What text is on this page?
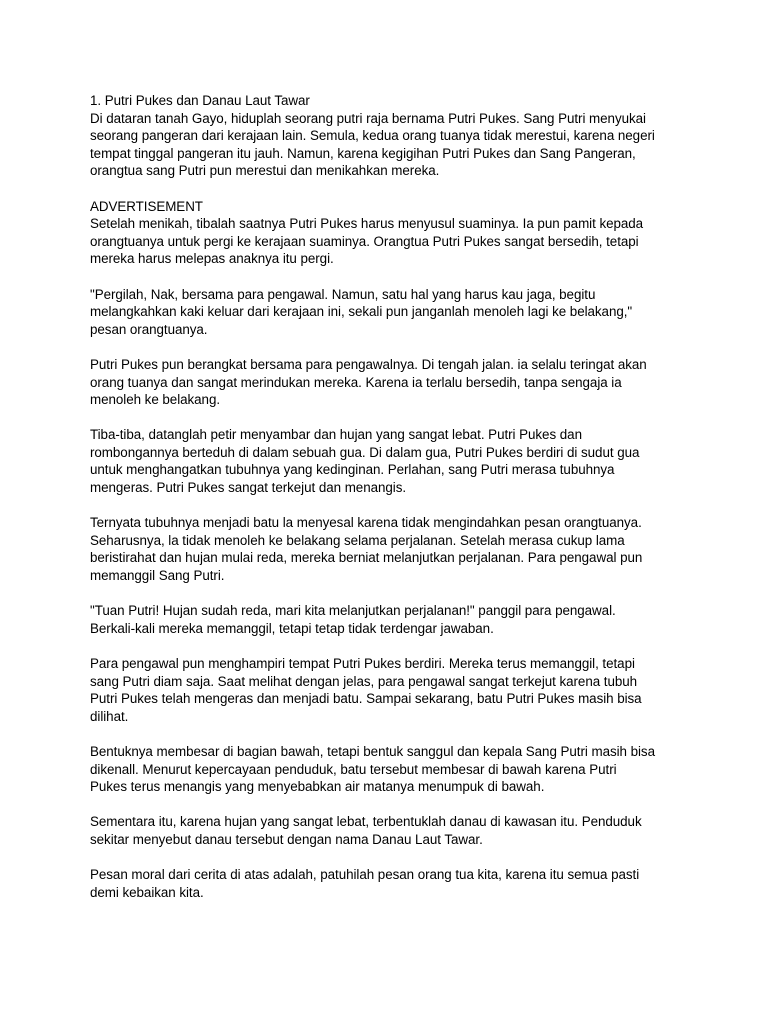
1. Putri Pukes dan Danau Laut Tawar
Di dataran tanah Gayo, hiduplah seorang putri raja bernama Putri Pukes. Sang Putri menyukai
seorang pangeran dari kerajaan lain. Semula, kedua orang tuanya tidak merestui, karena negeri
tempat tinggal pangeran itu jauh. Namun, karena kegigihan Putri Pukes dan Sang Pangeran,
orangtua sang Putri pun merestui dan menikahkan mereka.
ADVERTISEMENT
Setelah menikah, tibalah saatnya Putri Pukes harus menyusul suaminya. Ia pun pamit kepada
orangtuanya untuk pergi ke kerajaan suaminya. Orangtua Putri Pukes sangat bersedih, tetapi
mereka harus melepas anaknya itu pergi.
"Pergilah, Nak, bersama para pengawal. Namun, satu hal yang harus kau jaga, begitu
melangkahkan kaki keluar dari kerajaan ini, sekali pun janganlah menoleh lagi ke belakang,"
pesan orangtuanya.
Putri Pukes pun berangkat bersama para pengawalnya. Di tengah jalan. ia selalu teringat akan
orang tuanya dan sangat merindukan mereka. Karena ia terlalu bersedih, tanpa sengaja ia
menoleh ke belakang.
Tiba-tiba, datanglah petir menyambar dan hujan yang sangat lebat. Putri Pukes dan
rombongannya berteduh di dalam sebuah gua. Di dalam gua, Putri Pukes berdiri di sudut gua
untuk menghangatkan tubuhnya yang kedinginan. Perlahan, sang Putri merasa tubuhnya
mengeras. Putri Pukes sangat terkejut dan menangis.
Ternyata tubuhnya menjadi batu la menyesal karena tidak mengindahkan pesan orangtuanya.
Seharusnya, la tidak menoleh ke belakang selama perjalanan. Setelah merasa cukup lama
beristirahat dan hujan mulai reda, mereka berniat melanjutkan perjalanan. Para pengawal pun
memanggil Sang Putri.
"Tuan Putri! Hujan sudah reda, mari kita melanjutkan perjalanan!" panggil para pengawal.
Berkali-kali mereka memanggil, tetapi tetap tidak terdengar jawaban.
Para pengawal pun menghampiri tempat Putri Pukes berdiri. Mereka terus memanggil, tetapi
sang Putri diam saja. Saat melihat dengan jelas, para pengawal sangat terkejut karena tubuh
Putri Pukes telah mengeras dan menjadi batu. Sampai sekarang, batu Putri Pukes masih bisa
dilihat.
Bentuknya membesar di bagian bawah, tetapi bentuk sanggul dan kepala Sang Putri masih bisa
dikenall. Menurut kepercayaan penduduk, batu tersebut membesar di bawah karena Putri
Pukes terus menangis yang menyebabkan air matanya menumpuk di bawah.
Sementara itu, karena hujan yang sangat lebat, terbentuklah danau di kawasan itu. Penduduk
sekitar menyebut danau tersebut dengan nama Danau Laut Tawar.
Pesan moral dari cerita di atas adalah, patuhilah pesan orang tua kita, karena itu semua pasti
demi kebaikan kita.
